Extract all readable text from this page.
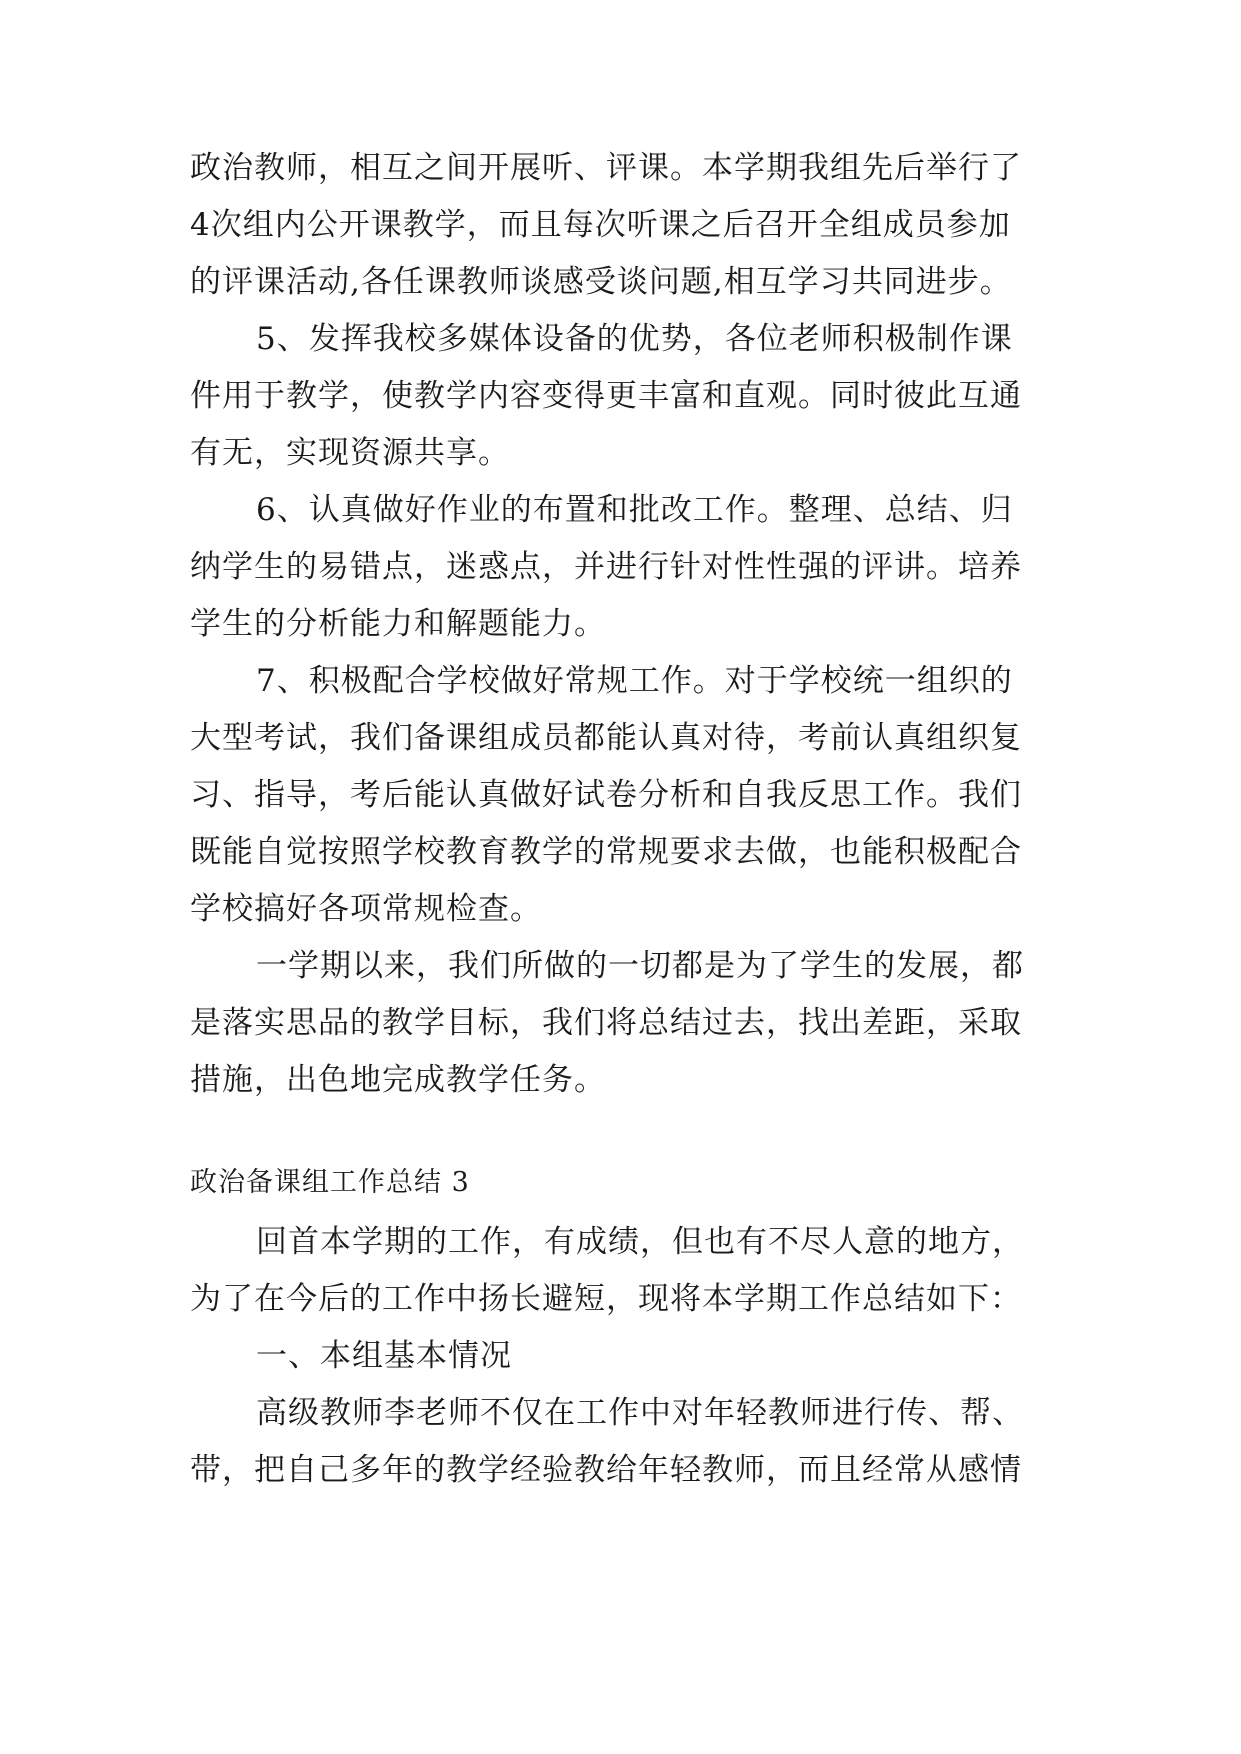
政治教师，相互之间开展听、评课。本学期我组先后举行了
4次组内公开课教学，而且每次听课之后召开全组成员参加
的评课活动,各任课教师谈感受谈问题,相互学习共同进步。
5、发挥我校多媒体设备的优势，各位老师积极制作课
件用于教学，使教学内容变得更丰富和直观。同时彼此互通
有无，实现资源共享。
6、认真做好作业的布置和批改工作。整理、总结、归
纳学生的易错点，迷惑点，并进行针对性性强的评讲。培养
学生的分析能力和解题能力。
7、积极配合学校做好常规工作。对于学校统一组织的
大型考试，我们备课组成员都能认真对待，考前认真组织复
习、指导，考后能认真做好试卷分析和自我反思工作。我们
既能自觉按照学校教育教学的常规要求去做，也能积极配合
学校搞好各项常规检查。
一学期以来，我们所做的一切都是为了学生的发展，都
是落实思品的教学目标，我们将总结过去，找出差距，采取
措施，出色地完成教学任务。
政治备课组工作总结 3
回首本学期的工作，有成绩，但也有不尽人意的地方，
为了在今后的工作中扬长避短，现将本学期工作总结如下：
一、本组基本情况
高级教师李老师不仅在工作中对年轻教师进行传、帮、
带，把自己多年的教学经验教给年轻教师，而且经常从感情
